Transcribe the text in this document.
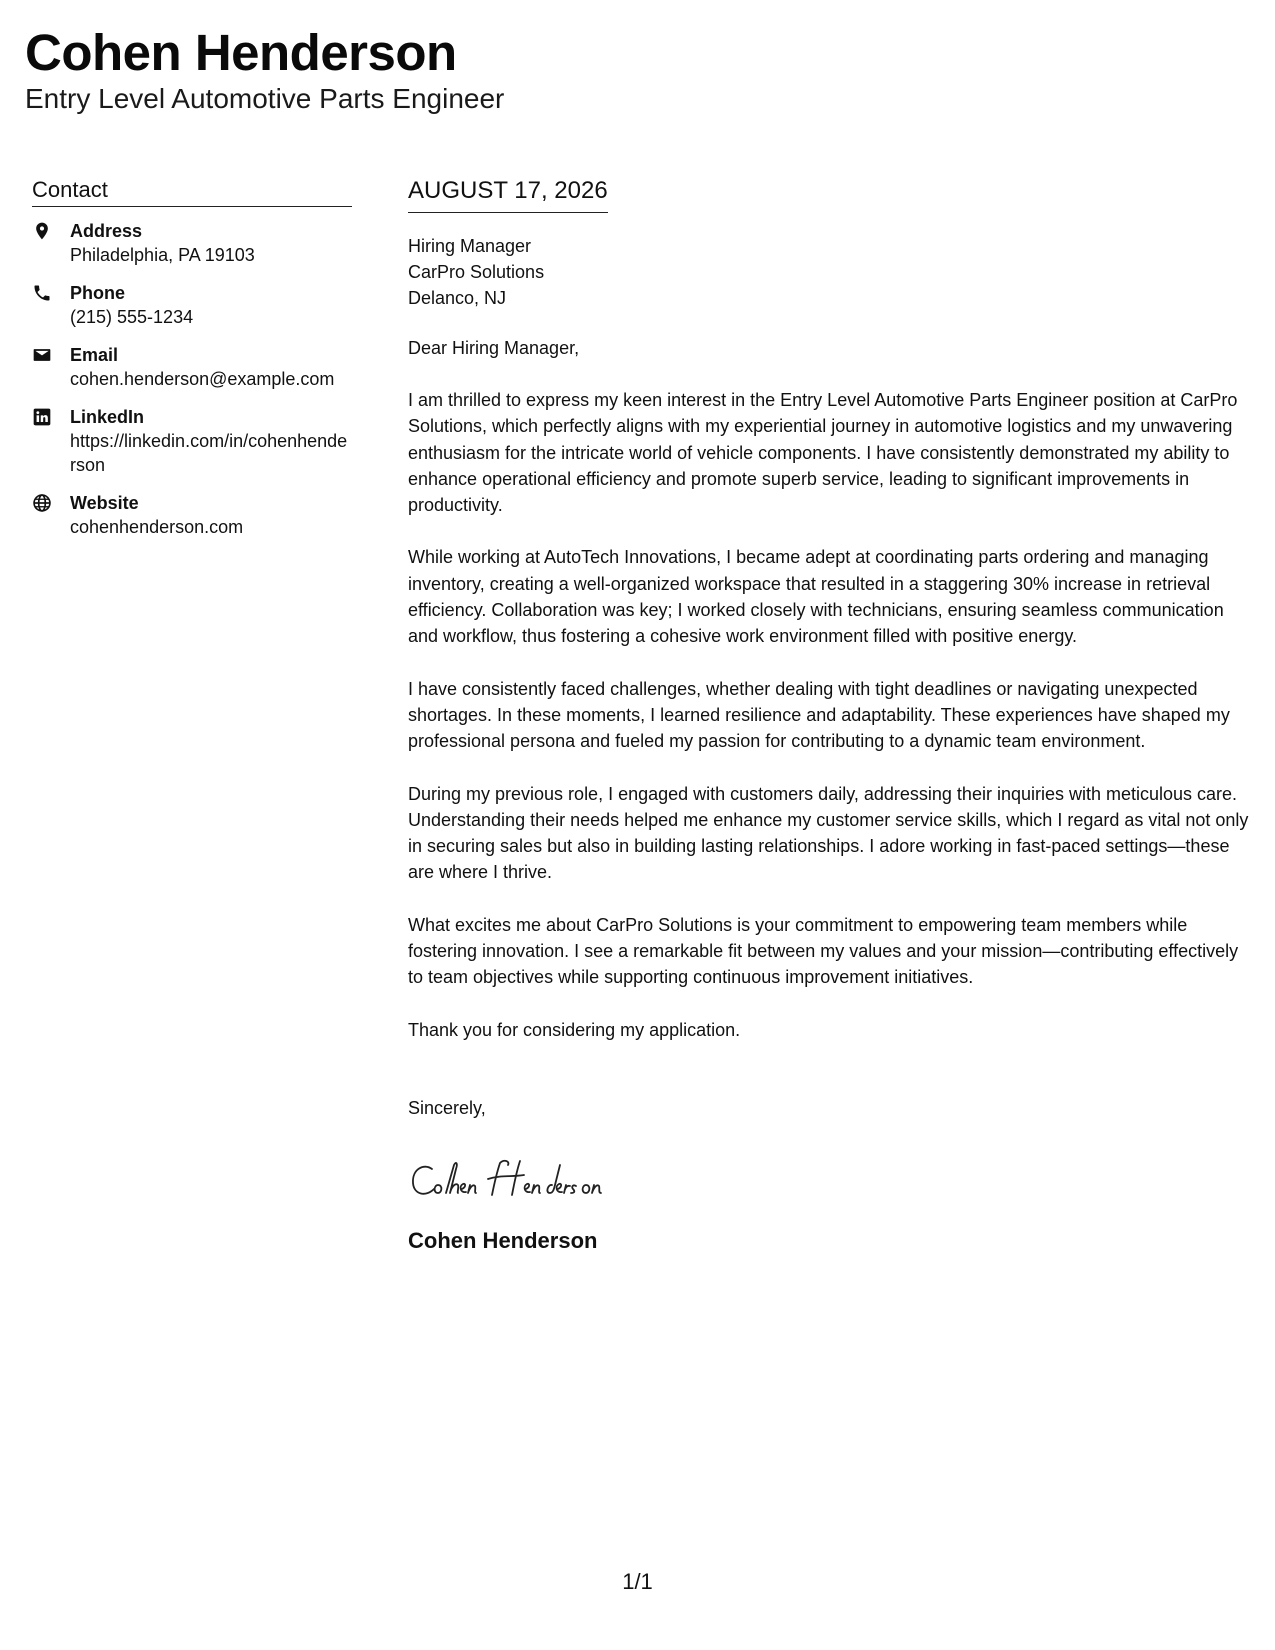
Cohen Henderson
Entry Level Automotive Parts Engineer
Contact
Address
Philadelphia, PA 19103
Phone
(215) 555-1234
Email
cohen.henderson@example.com
LinkedIn
https://linkedin.com/in/cohenhenderson
Website
cohenhenderson.com
AUGUST 17, 2026
Hiring Manager
CarPro Solutions
Delanco, NJ
Dear Hiring Manager,

I am thrilled to express my keen interest in the Entry Level Automotive Parts Engineer position at CarPro Solutions, which perfectly aligns with my experiential journey in automotive logistics and my unwavering enthusiasm for the intricate world of vehicle components. I have consistently demonstrated my ability to enhance operational efficiency and promote superb service, leading to significant improvements in productivity.

While working at AutoTech Innovations, I became adept at coordinating parts ordering and managing inventory, creating a well-organized workspace that resulted in a staggering 30% increase in retrieval efficiency. Collaboration was key; I worked closely with technicians, ensuring seamless communication and workflow, thus fostering a cohesive work environment filled with positive energy.

I have consistently faced challenges, whether dealing with tight deadlines or navigating unexpected shortages. In these moments, I learned resilience and adaptability. These experiences have shaped my professional persona and fueled my passion for contributing to a dynamic team environment.

During my previous role, I engaged with customers daily, addressing their inquiries with meticulous care. Understanding their needs helped me enhance my customer service skills, which I regard as vital not only in securing sales but also in building lasting relationships. I adore working in fast-paced settings—these are where I thrive.

What excites me about CarPro Solutions is your commitment to empowering team members while fostering innovation. I see a remarkable fit between my values and your mission—contributing effectively to team objectives while supporting continuous improvement initiatives.

Thank you for considering my application.

Sincerely,
Cohen Henderson
1/1
